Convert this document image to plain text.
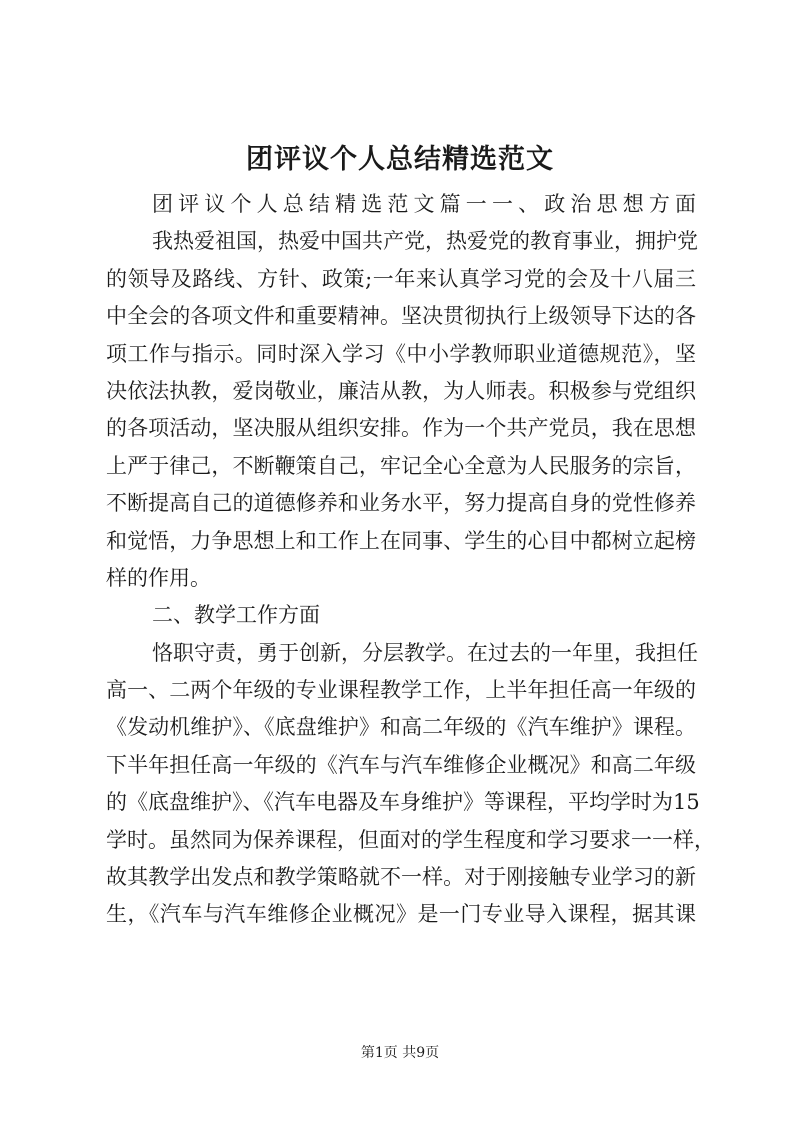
团评议个人总结精选范文
团评议个人总结精选范文篇一一、政治思想方面
我热爱祖国，热爱中国共产党，热爱党的教育事业，拥护党
的领导及路线、方针、政策;一年来认真学习党的会及十八届三
中全会的各项文件和重要精神。坚决贯彻执行上级领导下达的各
项工作与指示。同时深入学习《中小学教师职业道德规范》，坚
决依法执教，爱岗敬业，廉洁从教，为人师表。积极参与党组织
的各项活动，坚决服从组织安排。作为一个共产党员，我在思想
上严于律己，不断鞭策自己，牢记全心全意为人民服务的宗旨，
不断提高自己的道德修养和业务水平，努力提高自身的党性修养
和觉悟，力争思想上和工作上在同事、学生的心目中都树立起榜
样的作用。
二、教学工作方面
恪职守责，勇于创新，分层教学。在过去的一年里，我担任
高一、二两个年级的专业课程教学工作，上半年担任高一年级的
《发动机维护》、《底盘维护》和高二年级的《汽车维护》课程。
下半年担任高一年级的《汽车与汽车维修企业概况》和高二年级
的《底盘维护》、《汽车电器及车身维护》等课程，平均学时为15
学时。虽然同为保养课程，但面对的学生程度和学习要求一一样，
故其教学出发点和教学策略就不一样。对于刚接触专业学习的新
生，《汽车与汽车维修企业概况》是一门专业导入课程，据其课
第1页 共9页
